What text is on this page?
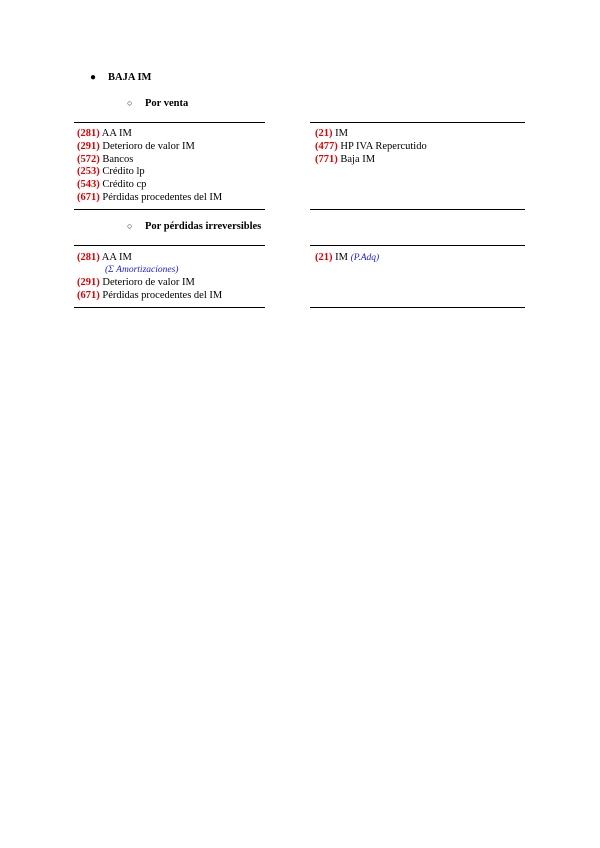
● BAJA IM
○ Por venta
(281) AA IM
(291) Deterioro de valor IM
(572) Bancos
(253) Crédito lp
(543) Crédito cp
(671) Pérdidas procedentes del IM
(21) IM
(477) HP IVA Repercutido
(771) Baja IM
○ Por pérdidas irreversibles
(281) AA IM
(Σ Amortizaciones)
(291) Deterioro de valor IM
(671) Pérdidas procedentes del IM
(21) IM (P.Adq)
